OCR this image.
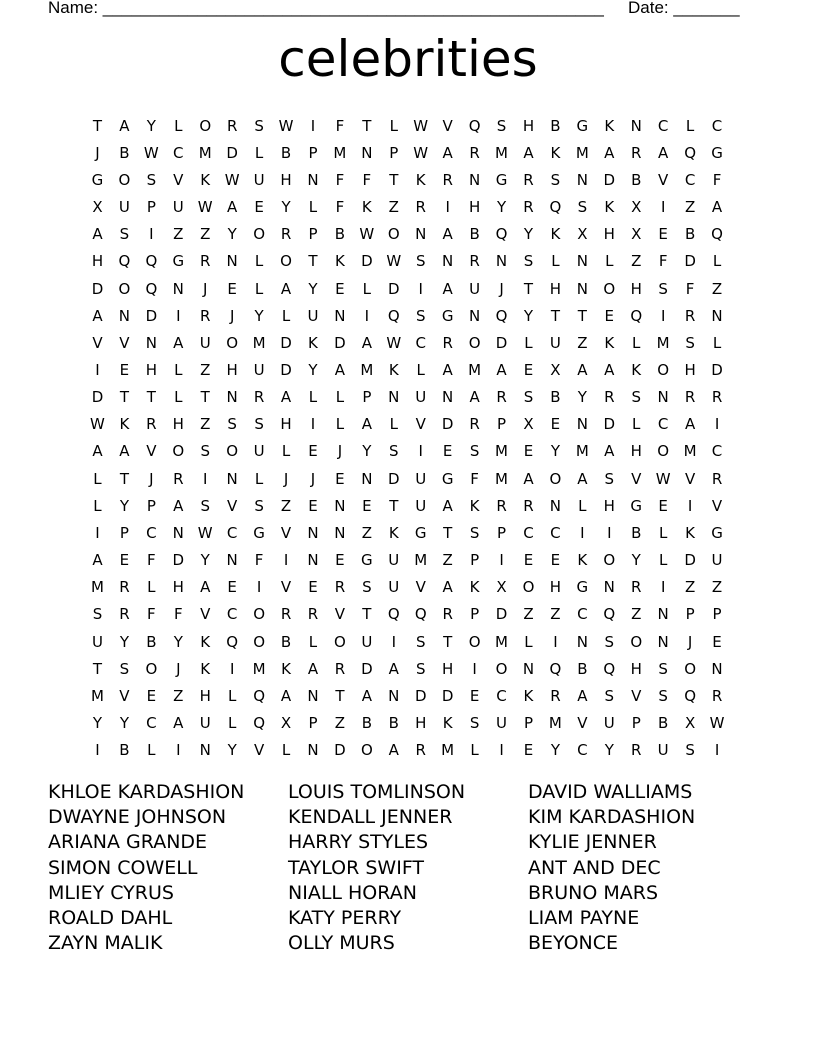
Name: _____________________________________________________ Date: _______
celebrities
T	A	Y	L	O	R	S W	I	F	T	L	W V	Q	S	H	B	G	K	N	C	L	C
J	B W C	M D	L	B	P	M N	P	W A	R	M	A	K	M	A	R	A	Q	G
G	O	S	V	K W U	H	N	F	F	T	K	R	N	G	R	S	N	D	B	V	C	F
X	U	P	U W A	E	Y	L	F	K	Z	R	I	H	Y	R	Q	S	K	X	I	Z	A
A	S	I	Z	Z	Y	O	R	P	B W O	N	A	B	Q	Y	K	X	H	X	E	B	Q
H	Q	Q	G	R	N	L	O	T	K	D W S	N	R	N	S	L	N	L	Z	F	D	L
D	O	Q	N	J	E	L	A	Y	E	L	D	I	A	U	J	T	H	N	O	H	S	F	Z
A	N	D	I	R	J	Y	L	U	N	I	Q	S	G	N	Q	Y	T	T	E	Q	I	R	N
V	V	N	A	U	O M D	K	D	A W C	R	O	D	L	U	Z	K	L	M	S	L
I	E	H	L	Z	H	U	D	Y	A	M	K	L	A	M	A	E	X	A	A	K	O	H	D
D	T	T	L	T	N	R	A	L	L	P	N	U	N	A	R	S	B	Y	R	S	N	R	R
W K	R	H	Z	S	S	H	I	L	A	L	V	D	R	P	X	E	N	D	L	C	A	I
A	A	V	O	S	O	U	L	E	J	Y	S	I	E	S	M	E	Y	M	A	H	O M	C
L	T	J	R	I	N	L	J	J	E	N	D	U	G	F	M	A	O	A	S	V W V	R
L	Y	P	A	S	V	S	Z	E	N	E	T	U	A	K	R	R	N	L	H	G	E	I	V
I	P	C	N W C	G	V	N	N	Z	K	G	T	S	P	C	C	I	I	B	L	K	G
A	E	F	D	Y	N	F	I	N	E	G	U M	Z	P	I	E	E	K	O	Y	L	D	U
M	R	L	H	A	E	I	V	E	R	S	U	V	A	K	X	O	H	G	N	R	I	Z	Z
S	R	F	F	V	C	O	R	R	V	T	Q	Q	R	P	D	Z	Z	C	Q	Z	N	P	P
U	Y	B	Y	K	Q	O	B	L	O	U	I	S	T	O M	L	I	N	S	O	N	J	E
T	S	O	J	K	I	M	K	A	R	D	A	S	H	I	O	N	Q	B	Q	H	S	O	N
M	V	E	Z	H	L	Q	A	N	T	A	N	D	D	E	C	K	R	A	S	V	S	Q	R
Y	Y	C	A	U	L	Q	X	P	Z	B	B	H	K	S	U	P	M	V	U	P	B	X W
I	B	L	I	N	Y	V	L	N	D	O	A	R	M	L	I	E	Y	C	Y	R	U	S	I
KHLOE KARDASHION	LOUIS TOMLINSON	DAVID WALLIAMS
DWAYNE JOHNSON	KENDALL JENNER	KIM KARDASHION
ARIANA GRANDE	HARRY STYLES	KYLIE JENNER
SIMON COWELL	TAYLOR SWIFT	ANT AND DEC
MLIEY CYRUS	NIALL HORAN	BRUNO MARS
ROALD DAHL	KATY PERRY	LIAM PAYNE
ZAYN MALIK	OLLY MURS	BEYONCE
